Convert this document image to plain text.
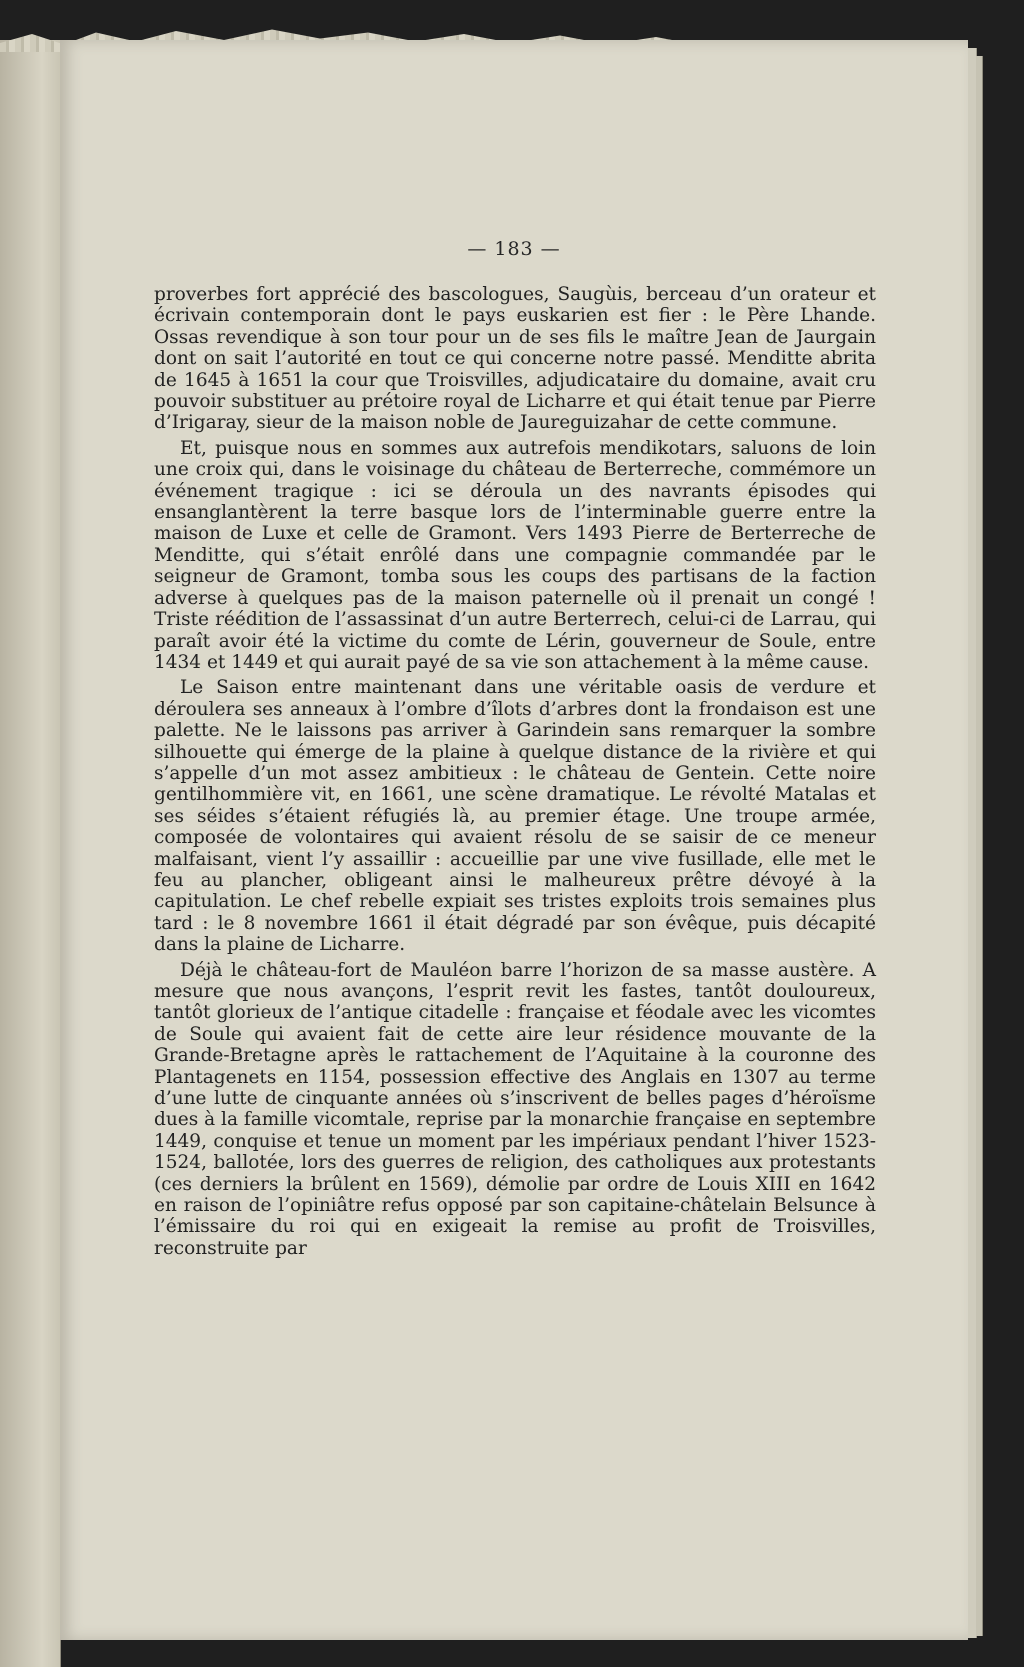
— 183 —

proverbes fort apprécié des bascologues, Saugùis, berceau d’un orateur et écrivain contemporain dont le pays euskarien est fier : le Père Lhande. Ossas revendique à son tour pour un de ses fils le maître Jean de Jaurgain dont on sait l’autorité en tout ce qui concerne notre passé. Menditte abrita de 1645 à 1651 la cour que Troisvilles, adjudicataire du domaine, avait cru pouvoir substituer au prétoire royal de Licharre et qui était tenue par Pierre d’Irigaray, sieur de la maison noble de Jaureguizahar de cette commune.

Et, puisque nous en sommes aux autrefois mendikotars, saluons de loin une croix qui, dans le voisinage du château de Berterreche, commémore un événement tragique : ici se déroula un des navrants épisodes qui ensanglantèrent la terre basque lors de l’interminable guerre entre la maison de Luxe et celle de Gramont. Vers 1493 Pierre de Berterreche de Menditte, qui s’était enrôlé dans une compagnie commandée par le seigneur de Gramont, tomba sous les coups des partisans de la faction adverse à quelques pas de la maison paternelle où il prenait un congé ! Triste réédition de l’assassinat d’un autre Berterrech, celui-ci de Larrau, qui paraît avoir été la victime du comte de Lérin, gouverneur de Soule, entre 1434 et 1449 et qui aurait payé de sa vie son attachement à la même cause.

Le Saison entre maintenant dans une véritable oasis de verdure et déroulera ses anneaux à l’ombre d’îlots d’arbres dont la frondaison est une palette. Ne le laissons pas arriver à Garindein sans remarquer la sombre silhouette qui émerge de la plaine à quelque distance de la rivière et qui s’appelle d’un mot assez ambitieux : le château de Gentein. Cette noire gentilhommière vit, en 1661, une scène dramatique. Le révolté Matalas et ses séides s’étaient réfugiés là, au premier étage. Une troupe armée, composée de volontaires qui avaient résolu de se saisir de ce meneur malfaisant, vient l’y assaillir : accueillie par une vive fusillade, elle met le feu au plancher, obligeant ainsi le malheureux prêtre dévoyé à la capitulation. Le chef rebelle expiait ses tristes exploits trois semaines plus tard : le 8 novembre 1661 il était dégradé par son évêque, puis décapité dans la plaine de Licharre.

Déjà le château-fort de Mauléon barre l’horizon de sa masse austère. A mesure que nous avançons, l’esprit revit les fastes, tantôt douloureux, tantôt glorieux de l’antique citadelle : française et féodale avec les vicomtes de Soule qui avaient fait de cette aire leur résidence mouvante de la Grande-Bretagne après le rattachement de l’Aquitaine à la couronne des Plantagenets en 1154, possession effective des Anglais en 1307 au terme d’une lutte de cinquante années où s’inscrivent de belles pages d’héroïsme dues à la famille vicomtale, reprise par la monarchie française en septembre 1449, conquise et tenue un moment par les impériaux pendant l’hiver 1523-1524, ballotée, lors des guerres de religion, des catholiques aux protestants (ces derniers la brûlent en 1569), démolie par ordre de Louis XIII en 1642 en raison de l’opiniâtre refus opposé par son capitaine-châtelain Belsunce à l’émissaire du roi qui en exigeait la remise au profit de Troisvilles, reconstruite par
